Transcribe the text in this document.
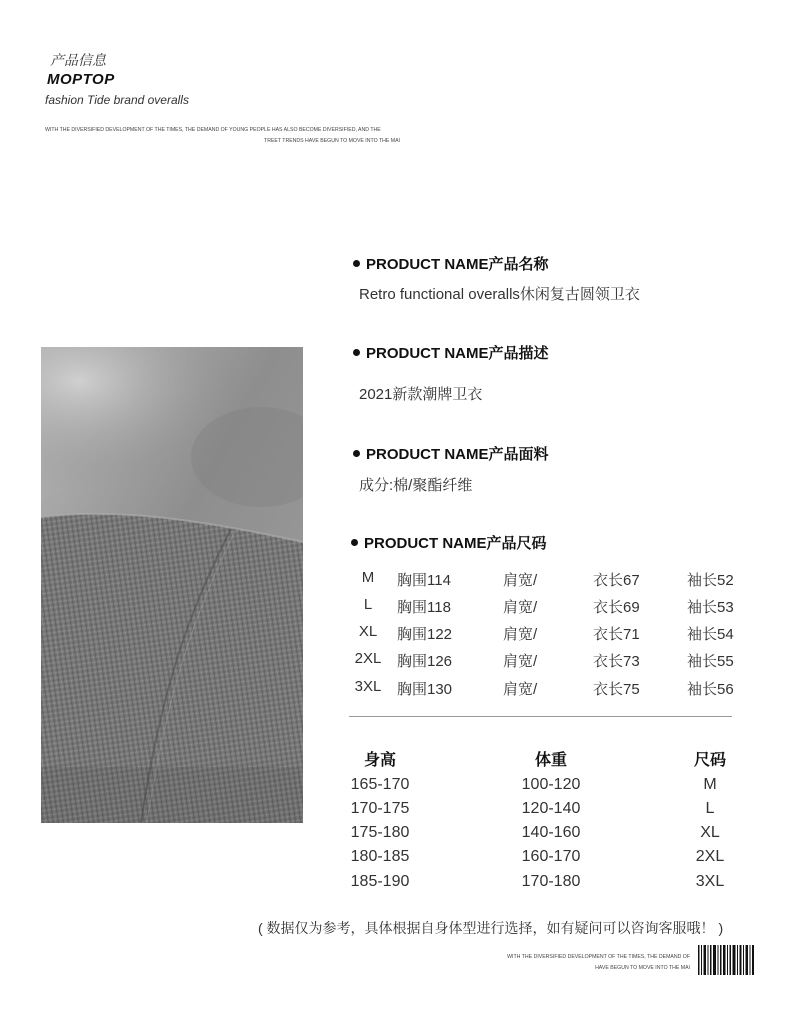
产品信息
MOPTOP
fashion Tide brand overalls
WITH THE DIVERSIFIED DEVELOPMENT OF THE TIMES, THE DEMAND OF YOUNG PEOPLE HAS ALSO BECOME DIVERSIFIED, AND THE
TREET TRENDS HAVE BEGUN TO MOVE INTO THE MAI
PRODUCT NAME产品名称
Retro functional overalls休闲复古圆领卫衣
PRODUCT NAME产品描述
2021新款潮牌卫衣
PRODUCT NAME产品面料
成分:棉/聚酯纤维
PRODUCT NAME产品尺码
M	胸围114	肩宽/	衣长67	袖长52
L	胸围118	肩宽/	衣长69	袖长53
XL	胸围122	肩宽/	衣长71	袖长54
2XL	胸围126	肩宽/	衣长73	袖长55
3XL	胸围130	肩宽/	衣长75	袖长56
身高	体重	尺码
165-170	100-120	M
170-175	120-140	L
175-180	140-160	XL
180-185	160-170	2XL
185-190	170-180	3XL
( 数据仅为参考，具体根据自身体型进行选择，如有疑问可以咨询客服哦！ )
WITH THE DIVERSIFIED DEVELOPMENT OF THE TIMES, THE DEMAND OF
HAVE BEGUN TO MOVE INTO THE MAI
